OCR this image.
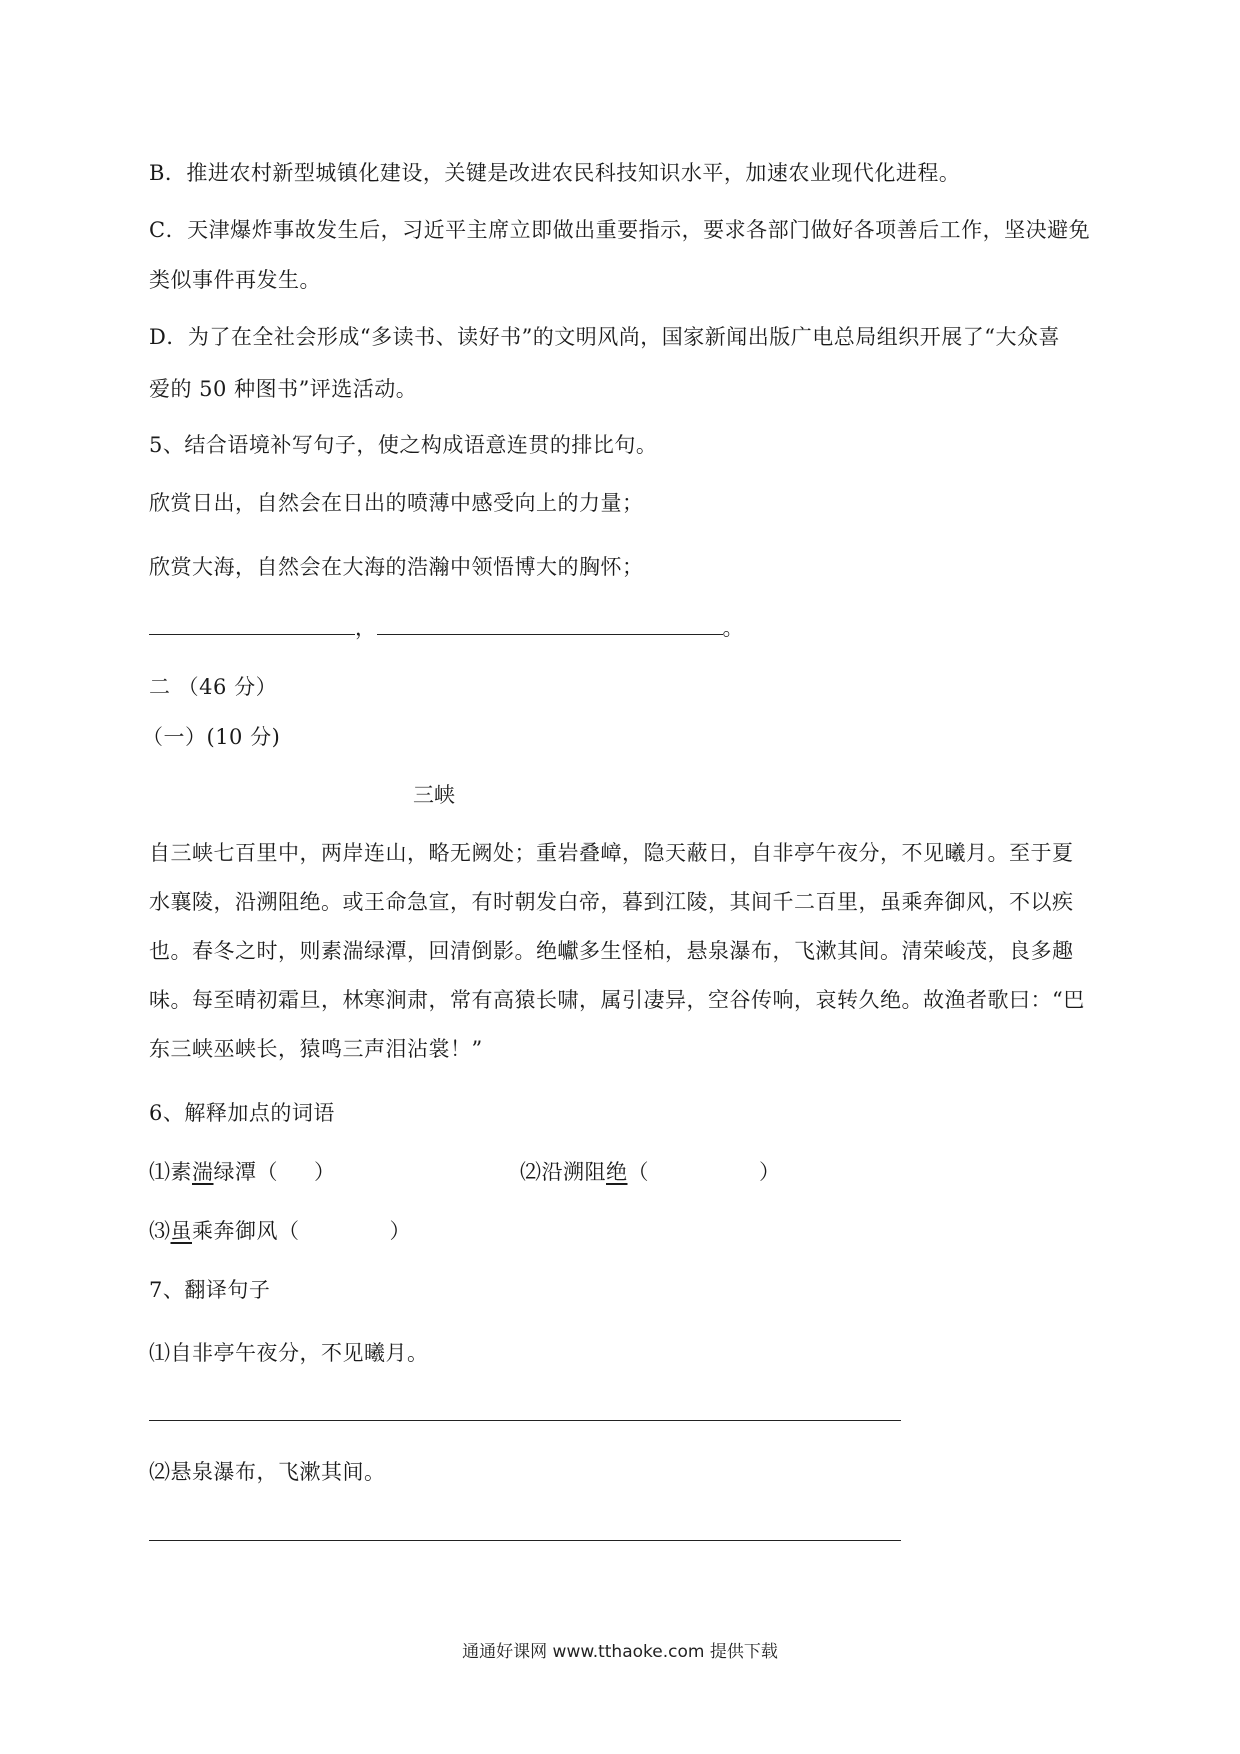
B．推进农村新型城镇化建设，关键是改进农民科技知识水平，加速农业现代化进程。
C．天津爆炸事故发生后，习近平主席立即做出重要指示，要求各部门做好各项善后工作，坚决避免
类似事件再发生。
D．为了在全社会形成“多读书、读好书”的文明风尚，国家新闻出版广电总局组织开展了“大众喜
爱的 50 种图书”评选活动。
5、结合语境补写句子，使之构成语意连贯的排比句。
欣赏日出，自然会在日出的喷薄中感受向上的力量；
欣赏大海，自然会在大海的浩瀚中领悟博大的胸怀；
，	。
二 （46 分）
（一）(10 分)
三峡
自三峡七百里中，两岸连山，略无阙处；重岩叠嶂，隐天蔽日，自非亭午夜分，不见曦月。至于夏
水襄陵，沿溯阻绝。或王命急宣，有时朝发白帝，暮到江陵，其间千二百里，虽乘奔御风，不以疾
也。春冬之时，则素湍绿潭，回清倒影。绝巘多生怪柏，悬泉瀑布，飞漱其间。清荣峻茂，良多趣
味。每至晴初霜旦，林寒涧肃，常有高猿长啸，属引凄异，空谷传响，哀转久绝。故渔者歌曰：“巴
东三峡巫峡长，猿鸣三声泪沾裳！”
6、解释加点的词语
⑴素湍绿潭（ ）	⑵沿溯阻绝（	）
⑶虽乘奔御风（	）
7、翻译句子
⑴自非亭午夜分，不见曦月。
⑵悬泉瀑布，飞漱其间。
通通好课网 www.tthaoke.com 提供下载
